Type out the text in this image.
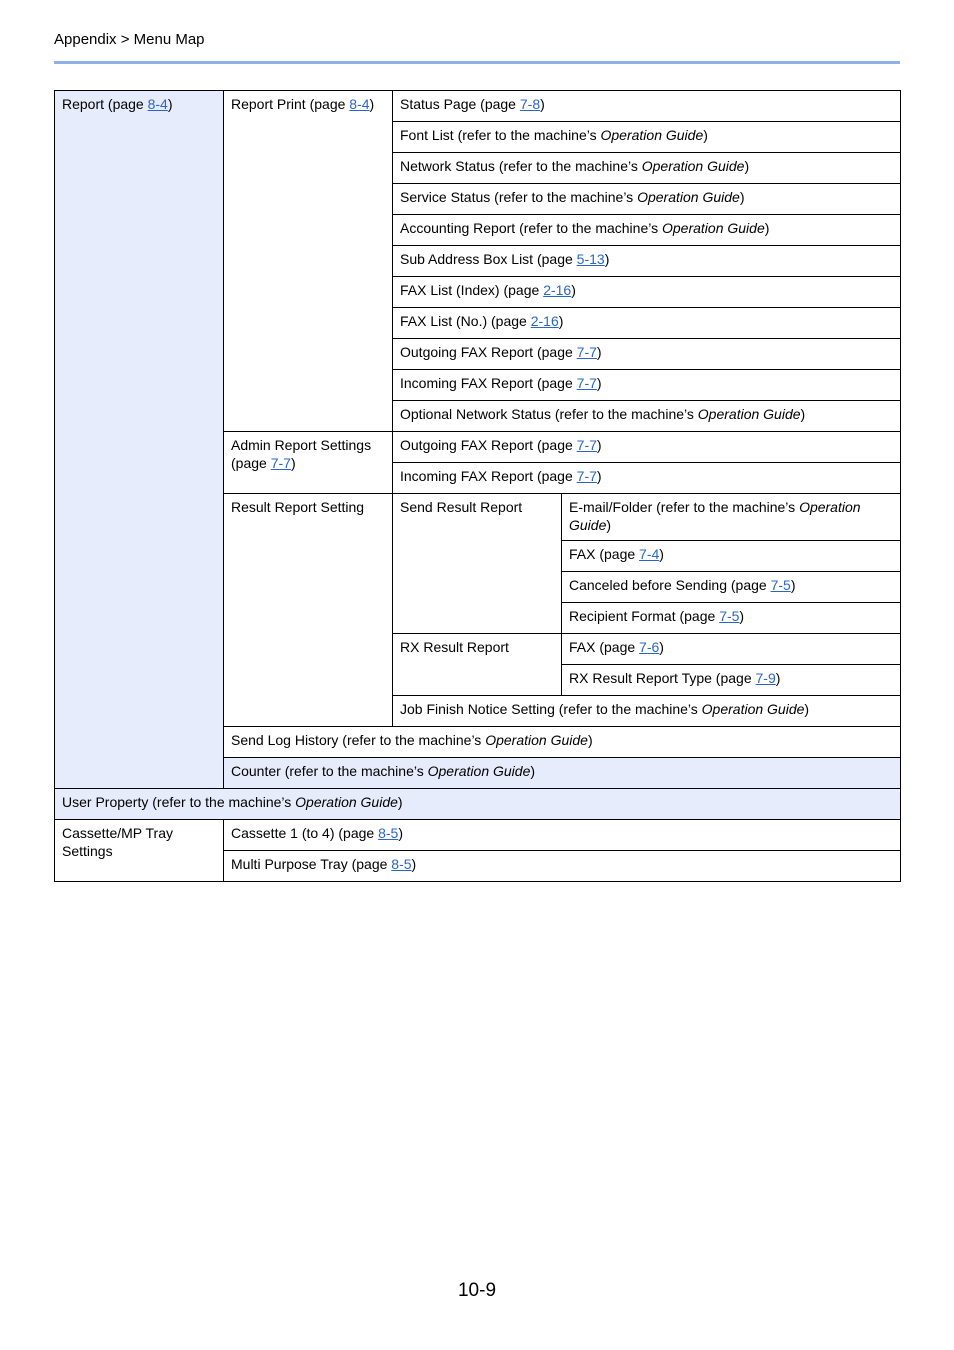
Appendix > Menu Map
Report (page 8-4)	Report Print (page 8-4)	Status Page (page 7-8)	
		Font List (refer to the machine’s Operation Guide)	
		Network Status (refer to the machine’s Operation Guide)	
		Service Status (refer to the machine’s Operation Guide)	
		Accounting Report (refer to the machine’s Operation Guide)	
		Sub Address Box List (page 5-13)	
		FAX List (Index) (page 2-16)	
		FAX List (No.) (page 2-16)	
		Outgoing FAX Report (page 7-7)	
		Incoming FAX Report (page 7-7)	
		Optional Network Status (refer to the machine’s Operation Guide)	
	Admin Report Settings (page 7-7)	Outgoing FAX Report (page 7-7)	
		Incoming FAX Report (page 7-7)	
	Result Report Setting	Send Result Report	E-mail/Folder (refer to the machine’s Operation Guide)
			FAX (page 7-4)
			Canceled before Sending (page 7-5)
			Recipient Format (page 7-5)
		RX Result Report	FAX (page 7-6)
			RX Result Report Type (page 7-9)
		Job Finish Notice Setting (refer to the machine’s Operation Guide)	
	Send Log History (refer to the machine’s Operation Guide)		
	Counter (refer to the machine’s Operation Guide)		
User Property (refer to the machine’s Operation Guide)			
Cassette/MP Tray Settings	Cassette 1 (to 4) (page 8-5)		
	Multi Purpose Tray (page 8-5)		
10-9
